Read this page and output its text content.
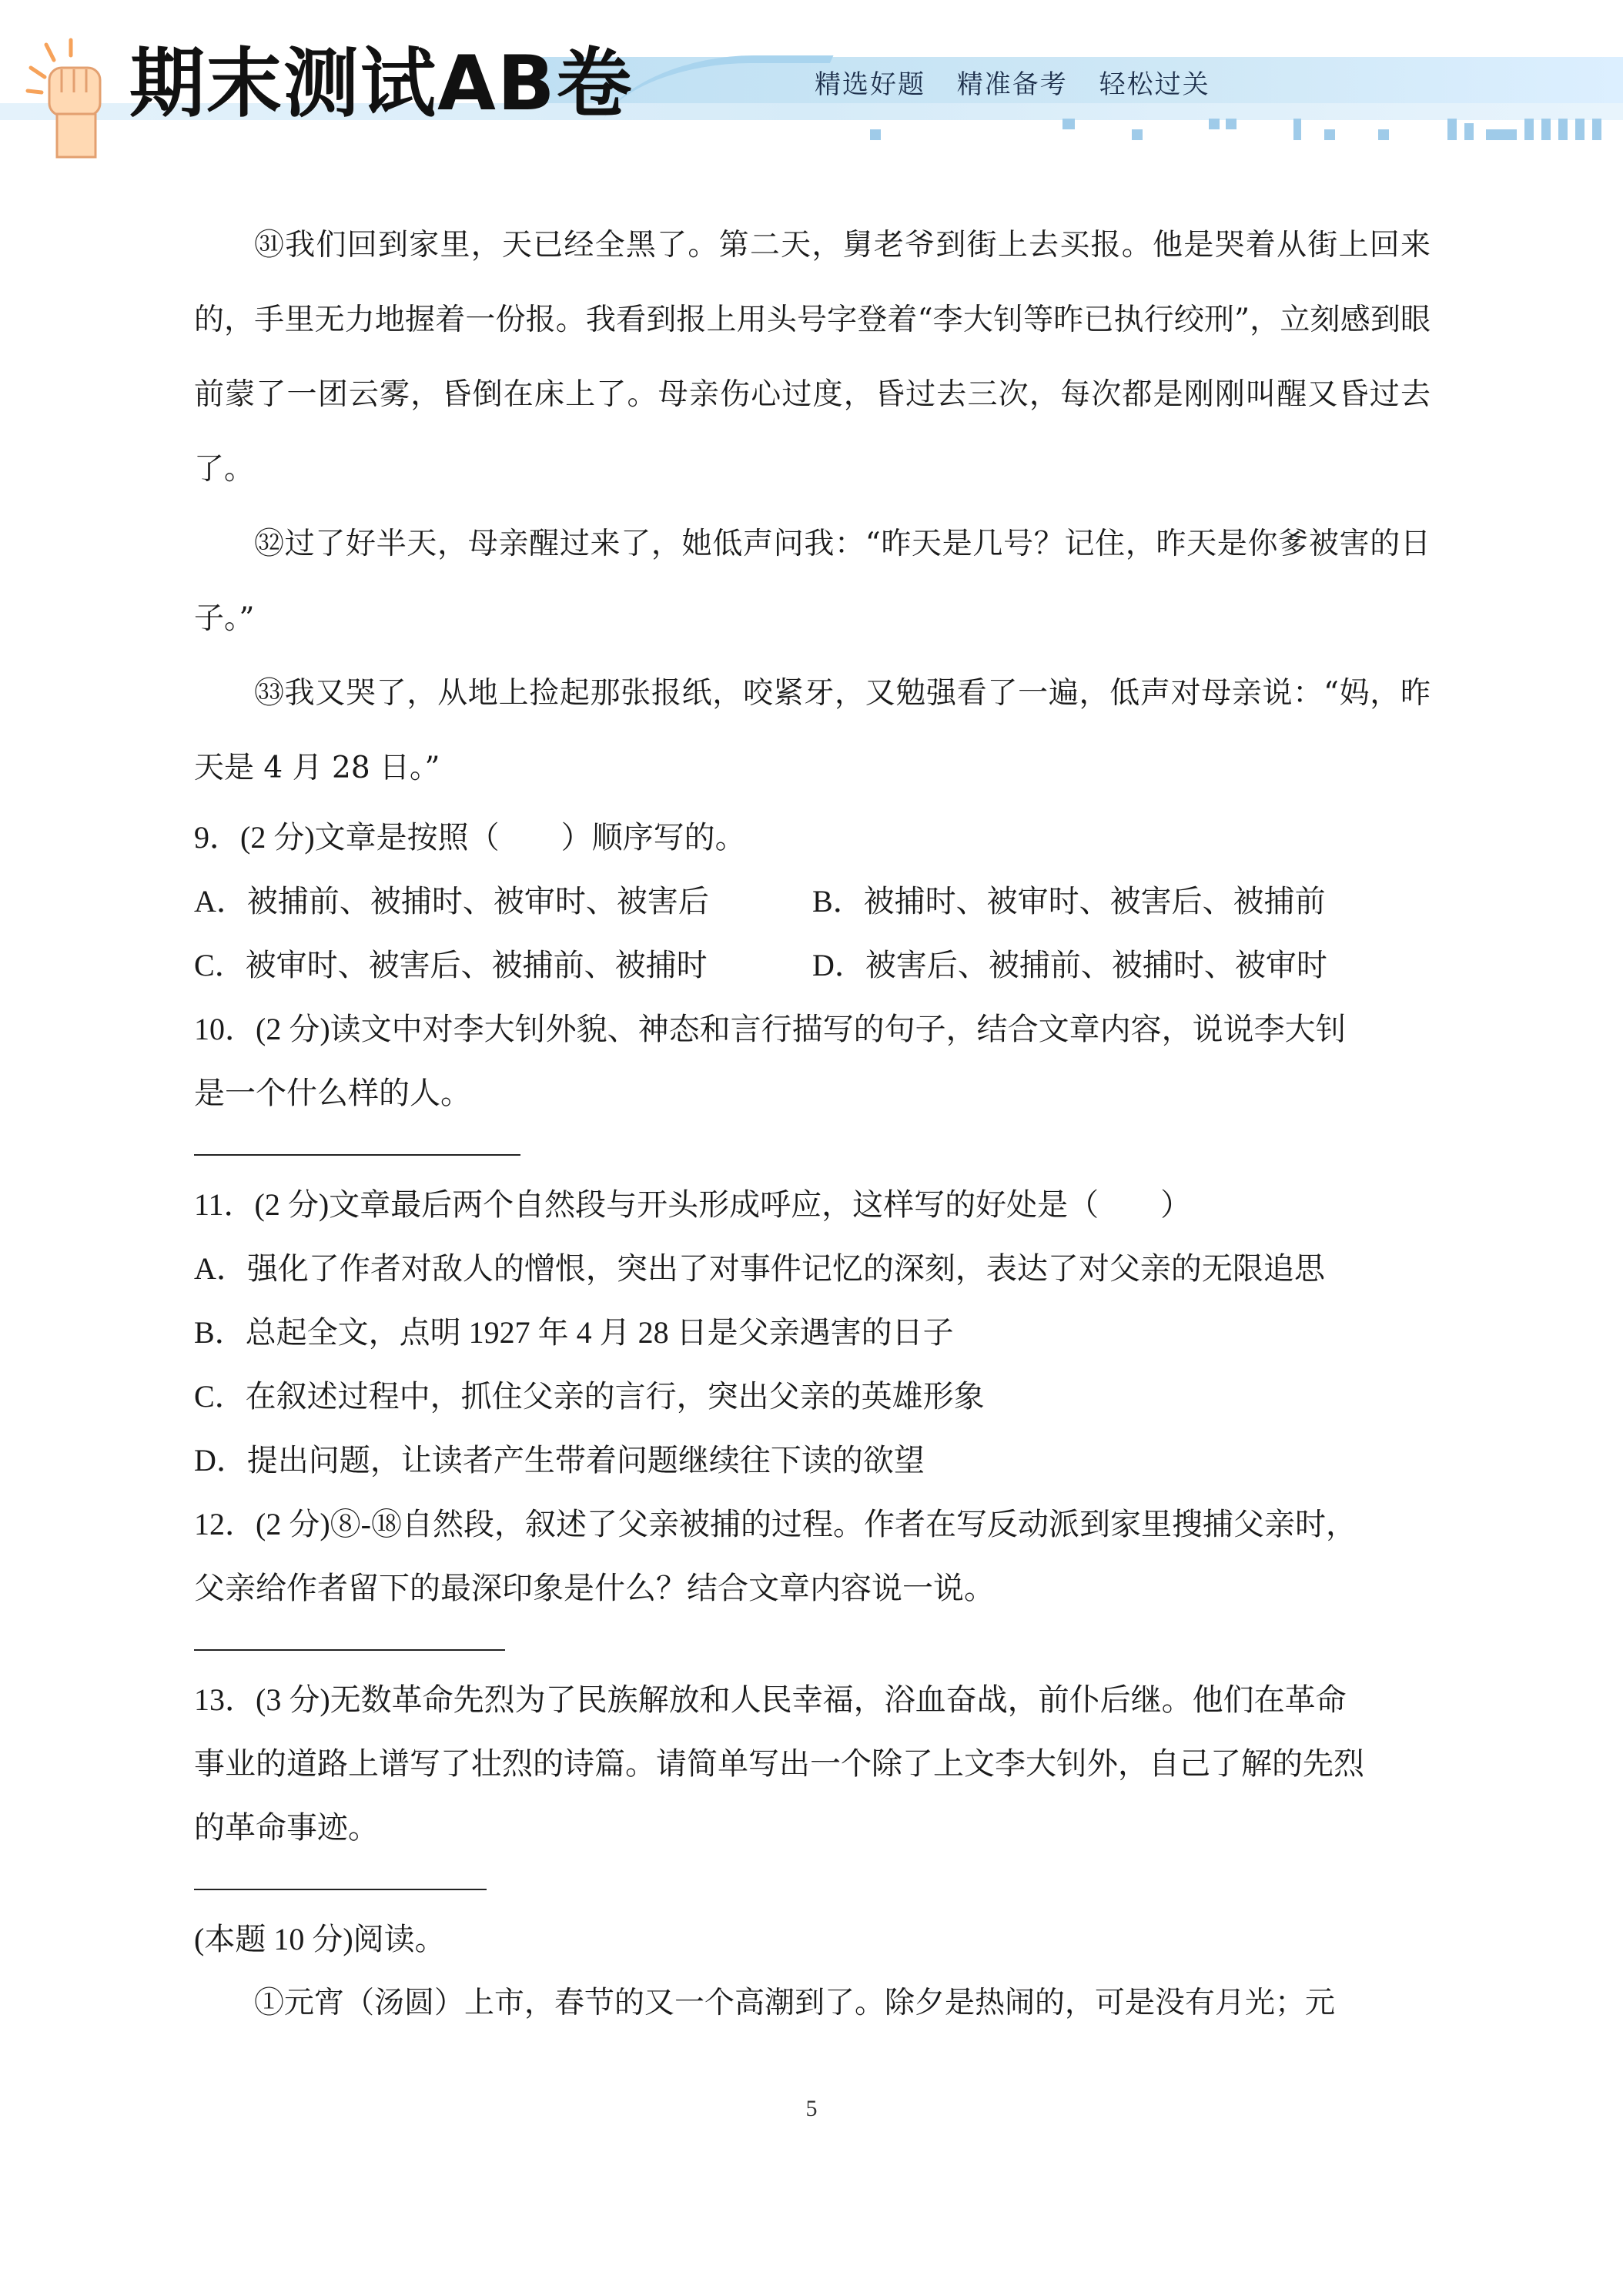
期末测试AB卷	精选好题 精准备考 轻松过关

㉛我们回到家里，天已经全黑了。第二天，舅老爷到街上去买报。他是哭着从街上回来的，手里无力地握着一份报。我看到报上用头号字登着“李大钊等昨已执行绞刑”，立刻感到眼前蒙了一团云雾，昏倒在床上了。母亲伤心过度，昏过去三次，每次都是刚刚叫醒又昏过去了。

㉜过了好半天，母亲醒过来了，她低声问我：“昨天是几号？记住，昨天是你爹被害的日子。”

㉝我又哭了，从地上捡起那张报纸，咬紧牙，又勉强看了一遍，低声对母亲说：“妈，昨天是 4 月 28 日。”

9．(2 分)文章是按照（　　）顺序写的。

A．被捕前、被捕时、被审时、被害后	B．被捕时、被审时、被害后、被捕前
C．被审时、被害后、被捕前、被捕时	D．被害后、被捕前、被捕时、被审时

10．(2 分)读文中对李大钊外貌、神态和言行描写的句子，结合文章内容，说说李大钊

是一个什么样的人。

11．(2 分)文章最后两个自然段与开头形成呼应，这样写的好处是（　　）

A．强化了作者对敌人的憎恨，突出了对事件记忆的深刻，表达了对父亲的无限追思

B．总起全文，点明 1927 年 4 月 28 日是父亲遇害的日子

C．在叙述过程中，抓住父亲的言行，突出父亲的英雄形象

D．提出问题，让读者产生带着问题继续往下读的欲望

12．(2 分)⑧-⑱自然段，叙述了父亲被捕的过程。作者在写反动派到家里搜捕父亲时，

父亲给作者留下的最深印象是什么？结合文章内容说一说。

13．(3 分)无数革命先烈为了民族解放和人民幸福，浴血奋战，前仆后继。他们在革命

事业的道路上谱写了壮烈的诗篇。请简单写出一个除了上文李大钊外，自己了解的先烈

的革命事迹。

(本题 10 分)阅读。

①元宵（汤圆）上市，春节的又一个高潮到了。除夕是热闹的，可是没有月光；元

5
